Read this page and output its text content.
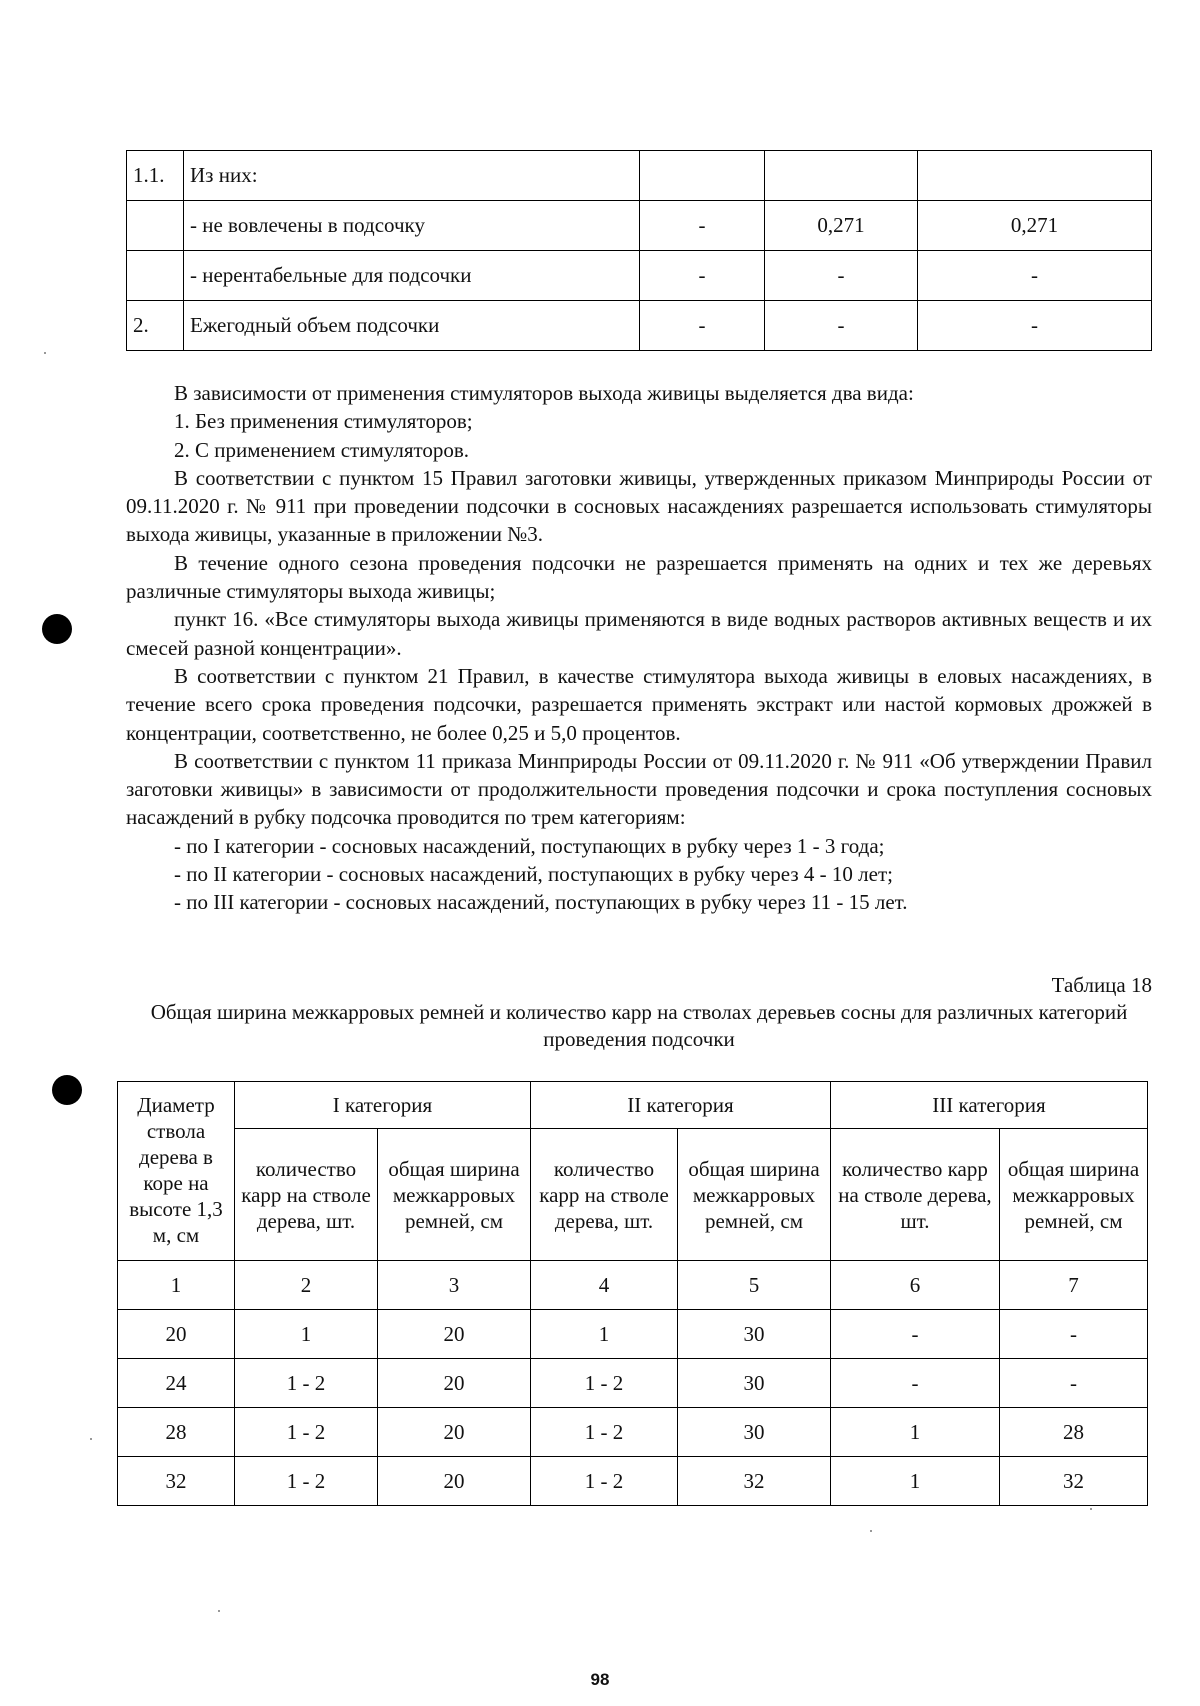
1.1.	Из них:			
	- не вовлечены в подсочку	-	0,271	0,271
	- нерентабельные для подсочки	-	-	-
2.	Ежегодный объем подсочки	-	-	-

В зависимости от применения стимуляторов выхода живицы выделяется два вида:

1. Без применения стимуляторов;

2. С применением стимуляторов.

В соответствии с пунктом 15 Правил заготовки живицы, утвержденных приказом Минприроды России от 09.11.2020 г. № 911 при проведении подсочки в сосновых насаждениях разрешается использовать стимуляторы выхода живицы, указанные в приложении №3.

В течение одного сезона проведения подсочки не разрешается применять на одних и тех же деревьях различные стимуляторы выхода живицы;

пункт 16. «Все стимуляторы выхода живицы применяются в виде водных растворов активных веществ и их смесей разной концентрации».

В соответствии с пунктом 21 Правил, в качестве стимулятора выхода живицы в еловых насаждениях, в течение всего срока проведения подсочки, разрешается применять экстракт или настой кормовых дрожжей в концентрации, соответственно, не более 0,25 и 5,0 процентов.

В соответствии с пунктом 11 приказа Минприроды России от 09.11.2020 г. № 911 «Об утверждении Правил заготовки живицы» в зависимости от продолжительности проведения подсочки и срока поступления сосновых насаждений в рубку подсочка проводится по трем категориям:

- по I категории - сосновых насаждений, поступающих в рубку через 1 - 3 года;

- по II категории - сосновых насаждений, поступающих в рубку через 4 - 10 лет;

- по III категории - сосновых насаждений, поступающих в рубку через 11 - 15 лет.

Таблица 18
Общая ширина межкарровых ремней и количество карр на стволах деревьев сосны для различных категорий проведения подсочки
Диаметр ствола дерева в коре на высоте 1,3 м, см	I категория		II категория		III категория	
	количество карр на стволе дерева, шт.	общая ширина межкарровых ремней, см	количество карр на стволе дерева, шт.	общая ширина межкарровых ремней, см	количество карр на стволе дерева, шт.	общая ширина межкарровых ремней, см
1	2	3	4	5	6	7
20	1	20	1	30	-	-
24	1 - 2	20	1 - 2	30	-	-
28	1 - 2	20	1 - 2	30	1	28
32	1 - 2	20	1 - 2	32	1	32
98
